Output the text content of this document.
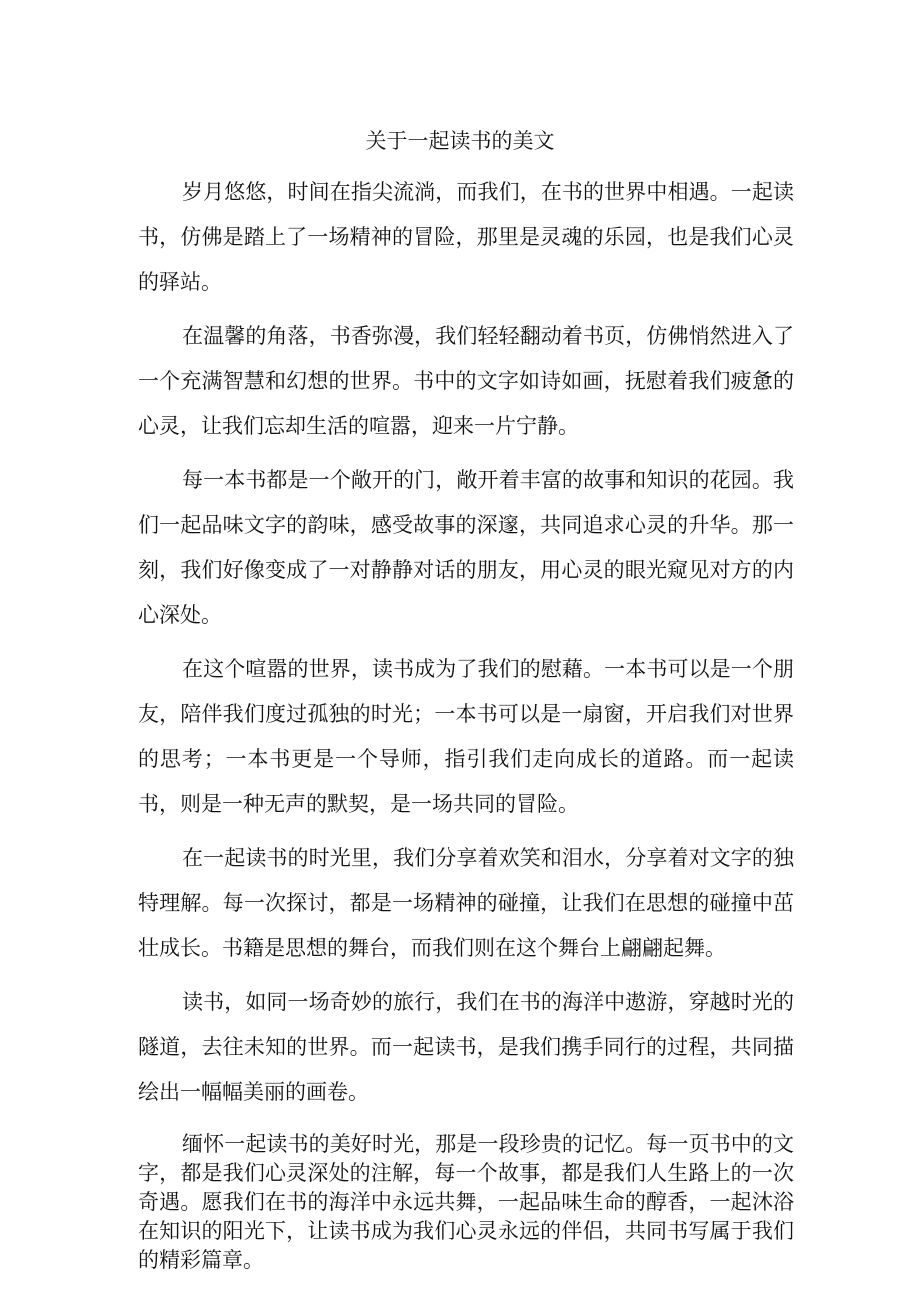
关于一起读书的美文

岁月悠悠，时间在指尖流淌，而我们，在书的世界中相遇。一起读书，仿佛是踏上了一场精神的冒险，那里是灵魂的乐园，也是我们心灵的驿站。

在温馨的角落，书香弥漫，我们轻轻翻动着书页，仿佛悄然进入了一个充满智慧和幻想的世界。书中的文字如诗如画，抚慰着我们疲惫的心灵，让我们忘却生活的喧嚣，迎来一片宁静。

每一本书都是一个敞开的门，敞开着丰富的故事和知识的花园。我们一起品味文字的韵味，感受故事的深邃，共同追求心灵的升华。那一刻，我们好像变成了一对静静对话的朋友，用心灵的眼光窥见对方的内心深处。

在这个喧嚣的世界，读书成为了我们的慰藉。一本书可以是一个朋友，陪伴我们度过孤独的时光；一本书可以是一扇窗，开启我们对世界的思考；一本书更是一个导师，指引我们走向成长的道路。而一起读书，则是一种无声的默契，是一场共同的冒险。

在一起读书的时光里，我们分享着欢笑和泪水，分享着对文字的独特理解。每一次探讨，都是一场精神的碰撞，让我们在思想的碰撞中茁壮成长。书籍是思想的舞台，而我们则在这个舞台上翩翩起舞。

读书，如同一场奇妙的旅行，我们在书的海洋中遨游，穿越时光的隧道，去往未知的世界。而一起读书，是我们携手同行的过程，共同描绘出一幅幅美丽的画卷。

缅怀一起读书的美好时光，那是一段珍贵的记忆。每一页书中的文字，都是我们心灵深处的注解，每一个故事，都是我们人生路上的一次奇遇。愿我们在书的海洋中永远共舞，一起品味生命的醇香，一起沐浴在知识的阳光下，让读书成为我们心灵永远的伴侣，共同书写属于我们的精彩篇章。
